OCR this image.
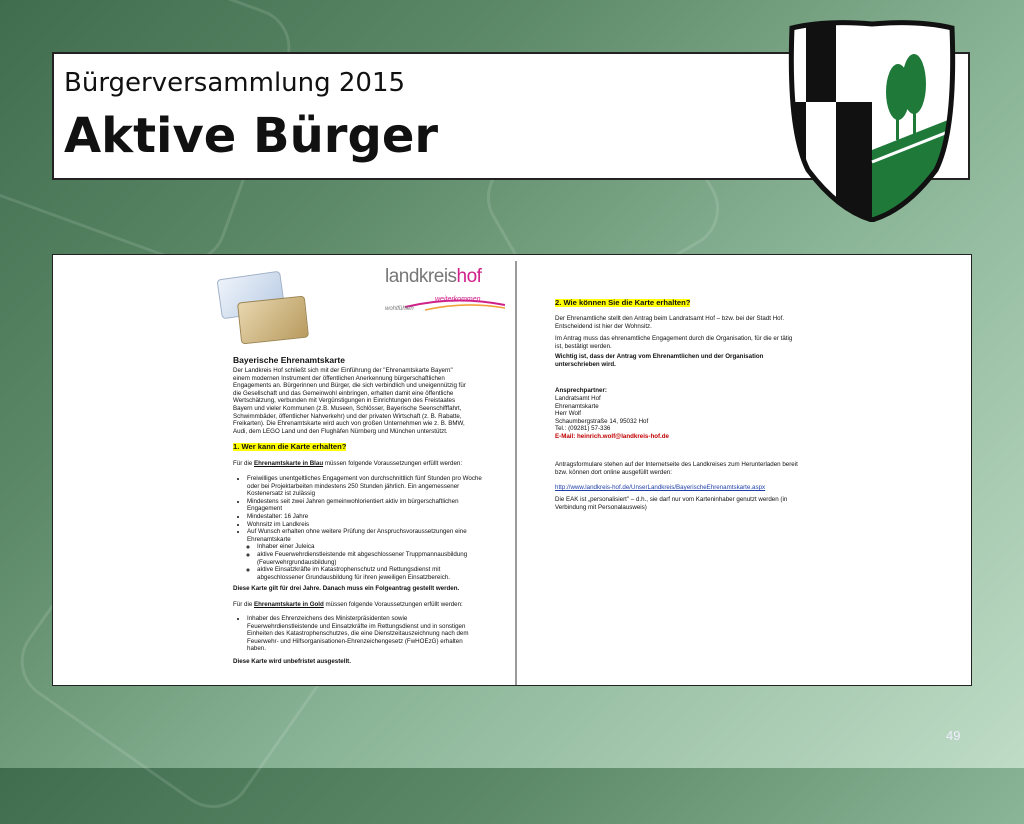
Bürgerversammlung 2015
Aktive Bürger
landkreishof
weiterkommen
wohlfühlen
Bayerische Ehrenamtskarte
Der Landkreis Hof schließt sich mit der Einführung der "Ehrenamtskarte Bayern" einem modernen Instrument der öffentlichen Anerkennung bürgerschaftlichen Engagements an. Bürgerinnen und Bürger, die sich verbindlich und uneigennützig für die Gesellschaft und das Gemeinwohl einbringen, erhalten damit eine öffentliche Wertschätzung, verbunden mit Vergünstigungen in Einrichtungen des Freistaates Bayern und vieler Kommunen (z.B. Museen, Schlösser, Bayerische Seenschifffahrt, Schwimmbäder, öffentlicher Nahverkehr) und der privaten Wirtschaft (z. B. Rabatte, Freikarten). Die Ehrenamtskarte wird auch von großen Unternehmen wie z. B. BMW, Audi, dem LEGO Land und den Flughäfen Nürnberg und München unterstützt.
1. Wer kann die Karte erhalten?
Für die Ehrenamtskarte in Blau müssen folgende Voraussetzungen erfüllt werden:
• Freiwilliges unentgeltliches Engagement von durchschnittlich fünf Stunden pro Woche oder bei Projektarbeiten mindestens 250 Stunden jährlich. Ein angemessener Kostenersatz ist zulässig
• Mindestens seit zwei Jahren gemeinwohlorientiert aktiv im bürgerschaftlichen Engagement
• Mindestalter: 16 Jahre
• Wohnsitz im Landkreis
• Auf Wunsch erhalten ohne weitere Prüfung der Anspruchsvoraussetzungen eine Ehrenamtskarte
◦ Inhaber einer Juleica
◦ aktive Feuerwehrdienstleistende mit abgeschlossener Truppmannausbildung (Feuerwehrgrundausbildung)
◦ aktive Einsatzkräfte im Katastrophenschutz und Rettungsdienst mit abgeschlossener Grundausbildung für ihren jeweiligen Einsatzbereich.
Diese Karte gilt für drei Jahre. Danach muss ein Folgeantrag gestellt werden.
Für die Ehrenamtskarte in Gold müssen folgende Voraussetzungen erfüllt werden:
• Inhaber des Ehrenzeichens des Ministerpräsidenten sowie Feuerwehrdienstleistende und Einsatzkräfte im Rettungsdienst und in sonstigen Einheiten des Katastrophenschutzes, die eine Dienstzeitauszeichnung nach dem Feuerwehr- und Hilfsorganisationen-Ehrenzeichengesetz (FwHOEzG) erhalten haben.
Diese Karte wird unbefristet ausgestellt.
2. Wie können Sie die Karte erhalten?
Der Ehrenamtliche stellt den Antrag beim Landratsamt Hof – bzw. bei der Stadt Hof. Entscheidend ist hier der Wohnsitz.
Im Antrag muss das ehrenamtliche Engagement durch die Organisation, für die er tätig ist, bestätigt werden.
Wichtig ist, dass der Antrag vom Ehrenamtlichen und der Organisation unterschrieben wird.
Ansprechpartner:
Landratsamt Hof
Ehrenamtskarte
Herr Wolf
Schaumbergstraße 14, 95032 Hof
Tel.: (09281) 57-336
E-Mail: heinrich.wolf@landkreis-hof.de
Antragsformulare stehen auf der Internetseite des Landkreises zum Herunterladen bereit bzw. können dort online ausgefüllt werden:
http://www.landkreis-hof.de/UnserLandkreis/BayerischeEhrenamtskarte.aspx
Die EAK ist „personalisiert" – d.h., sie darf nur vom Karteninhaber genutzt werden (in Verbindung mit Personalausweis)
49
